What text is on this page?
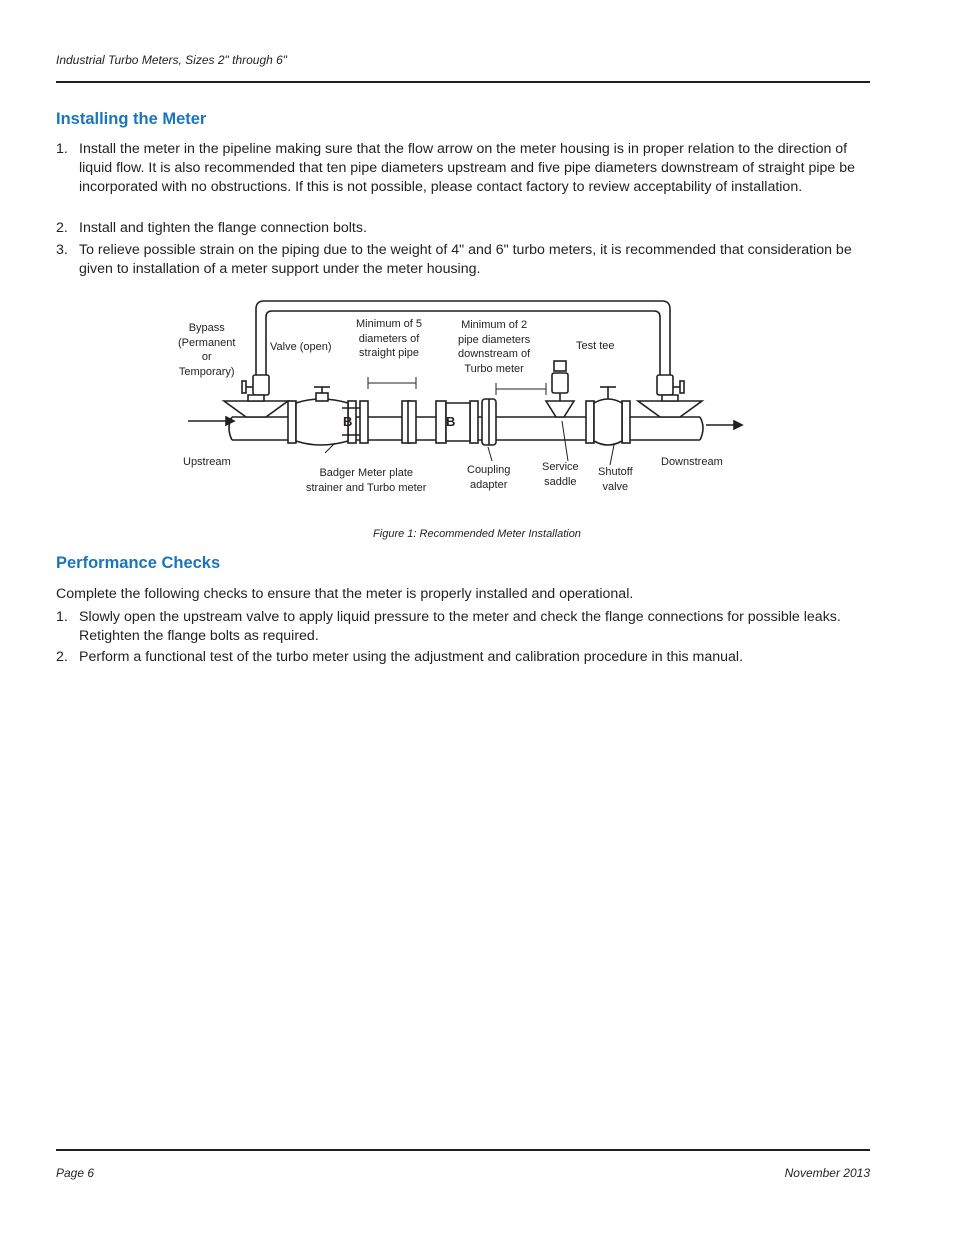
Industrial Turbo Meters, Sizes 2" through 6"
Installing the Meter
1. Install the meter in the pipeline making sure that the flow arrow on the meter housing is in proper relation to the direction of liquid flow. It is also recommended that ten pipe diameters upstream and five pipe diameters downstream of straight pipe be incorporated with no obstructions. If this is not possible, please contact factory to review acceptability of installation.
2. Install and tighten the flange connection bolts.
3. To relieve possible strain on the piping due to the weight of 4" and 6" turbo meters, it is recommended that consideration be given to installation of a meter support under the meter housing.
B	B
Bypass
(Permanent
or
Temporary)
Valve (open)
Minimum of 5
diameters of
straight pipe
Minimum of 2
pipe diameters
downstream of
Turbo meter
Test tee
Upstream
Badger Meter plate
strainer and Turbo meter
Coupling
adapter
Service
saddle
Shutoff
valve
Downstream
Figure 1: Recommended Meter Installation
Performance Checks
Complete the following checks to ensure that the meter is properly installed and operational.
1. Slowly open the upstream valve to apply liquid pressure to the meter and check the flange connections for possible leaks. Retighten the flange bolts as required.
2. Perform a functional test of the turbo meter using the adjustment and calibration procedure in this manual.
Page 6	November 2013
